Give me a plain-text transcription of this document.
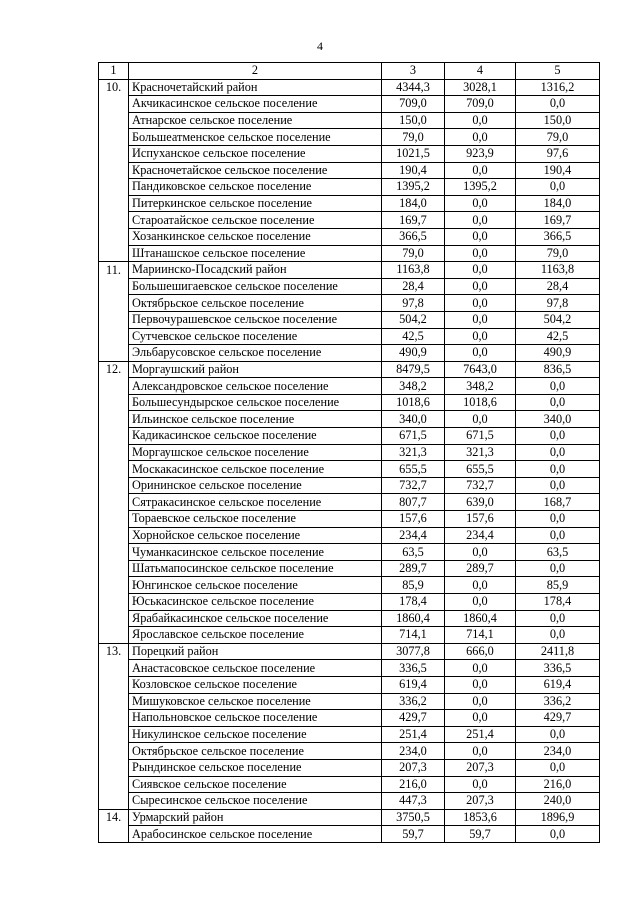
4
1	2	3	4	5
10.	Красночетайский район	4344,3	3028,1	1316,2
	Акчикасинское сельское поселение	709,0	709,0	0,0
	Атнарское сельское поселение	150,0	0,0	150,0
	Большеатменское сельское поселение	79,0	0,0	79,0
	Испуханское сельское поселение	1021,5	923,9	97,6
	Красночетайское сельское поселение	190,4	0,0	190,4
	Пандиковское сельское поселение	1395,2	1395,2	0,0
	Питеркинское сельское поселение	184,0	0,0	184,0
	Староатайское сельское поселение	169,7	0,0	169,7
	Хозанкинское сельское поселение	366,5	0,0	366,5
	Штанашское сельское поселение	79,0	0,0	79,0
11.	Мариинско-Посадский район	1163,8	0,0	1163,8
	Большешигаевское сельское поселение	28,4	0,0	28,4
	Октябрьское сельское поселение	97,8	0,0	97,8
	Первочурашевское сельское поселение	504,2	0,0	504,2
	Сутчевское сельское поселение	42,5	0,0	42,5
	Эльбарусовское сельское поселение	490,9	0,0	490,9
12.	Моргаушский район	8479,5	7643,0	836,5
	Александровское сельское поселение	348,2	348,2	0,0
	Большесундырское сельское поселение	1018,6	1018,6	0,0
	Ильинское сельское поселение	340,0	0,0	340,0
	Кадикасинское сельское поселение	671,5	671,5	0,0
	Моргаушское сельское поселение	321,3	321,3	0,0
	Москакасинское сельское поселение	655,5	655,5	0,0
	Орининское сельское поселение	732,7	732,7	0,0
	Сятракасинское сельское поселение	807,7	639,0	168,7
	Тораевское сельское поселение	157,6	157,6	0,0
	Хорнойское сельское поселение	234,4	234,4	0,0
	Чуманкасинское сельское поселение	63,5	0,0	63,5
	Шатьмапосинское сельское поселение	289,7	289,7	0,0
	Юнгинское сельское поселение	85,9	0,0	85,9
	Юськасинское сельское поселение	178,4	0,0	178,4
	Ярабайкасинское сельское поселение	1860,4	1860,4	0,0
	Ярославское сельское поселение	714,1	714,1	0,0
13.	Порецкий район	3077,8	666,0	2411,8
	Анастасовское сельское поселение	336,5	0,0	336,5
	Козловское сельское поселение	619,4	0,0	619,4
	Мишуковское сельское поселение	336,2	0,0	336,2
	Напольновское сельское поселение	429,7	0,0	429,7
	Никулинское сельское поселение	251,4	251,4	0,0
	Октябрьское сельское поселение	234,0	0,0	234,0
	Рындинское сельское поселение	207,3	207,3	0,0
	Сиявское сельское поселение	216,0	0,0	216,0
	Сыресинское сельское поселение	447,3	207,3	240,0
14.	Урмарский район	3750,5	1853,6	1896,9
	Арабосинское сельское поселение	59,7	59,7	0,0
